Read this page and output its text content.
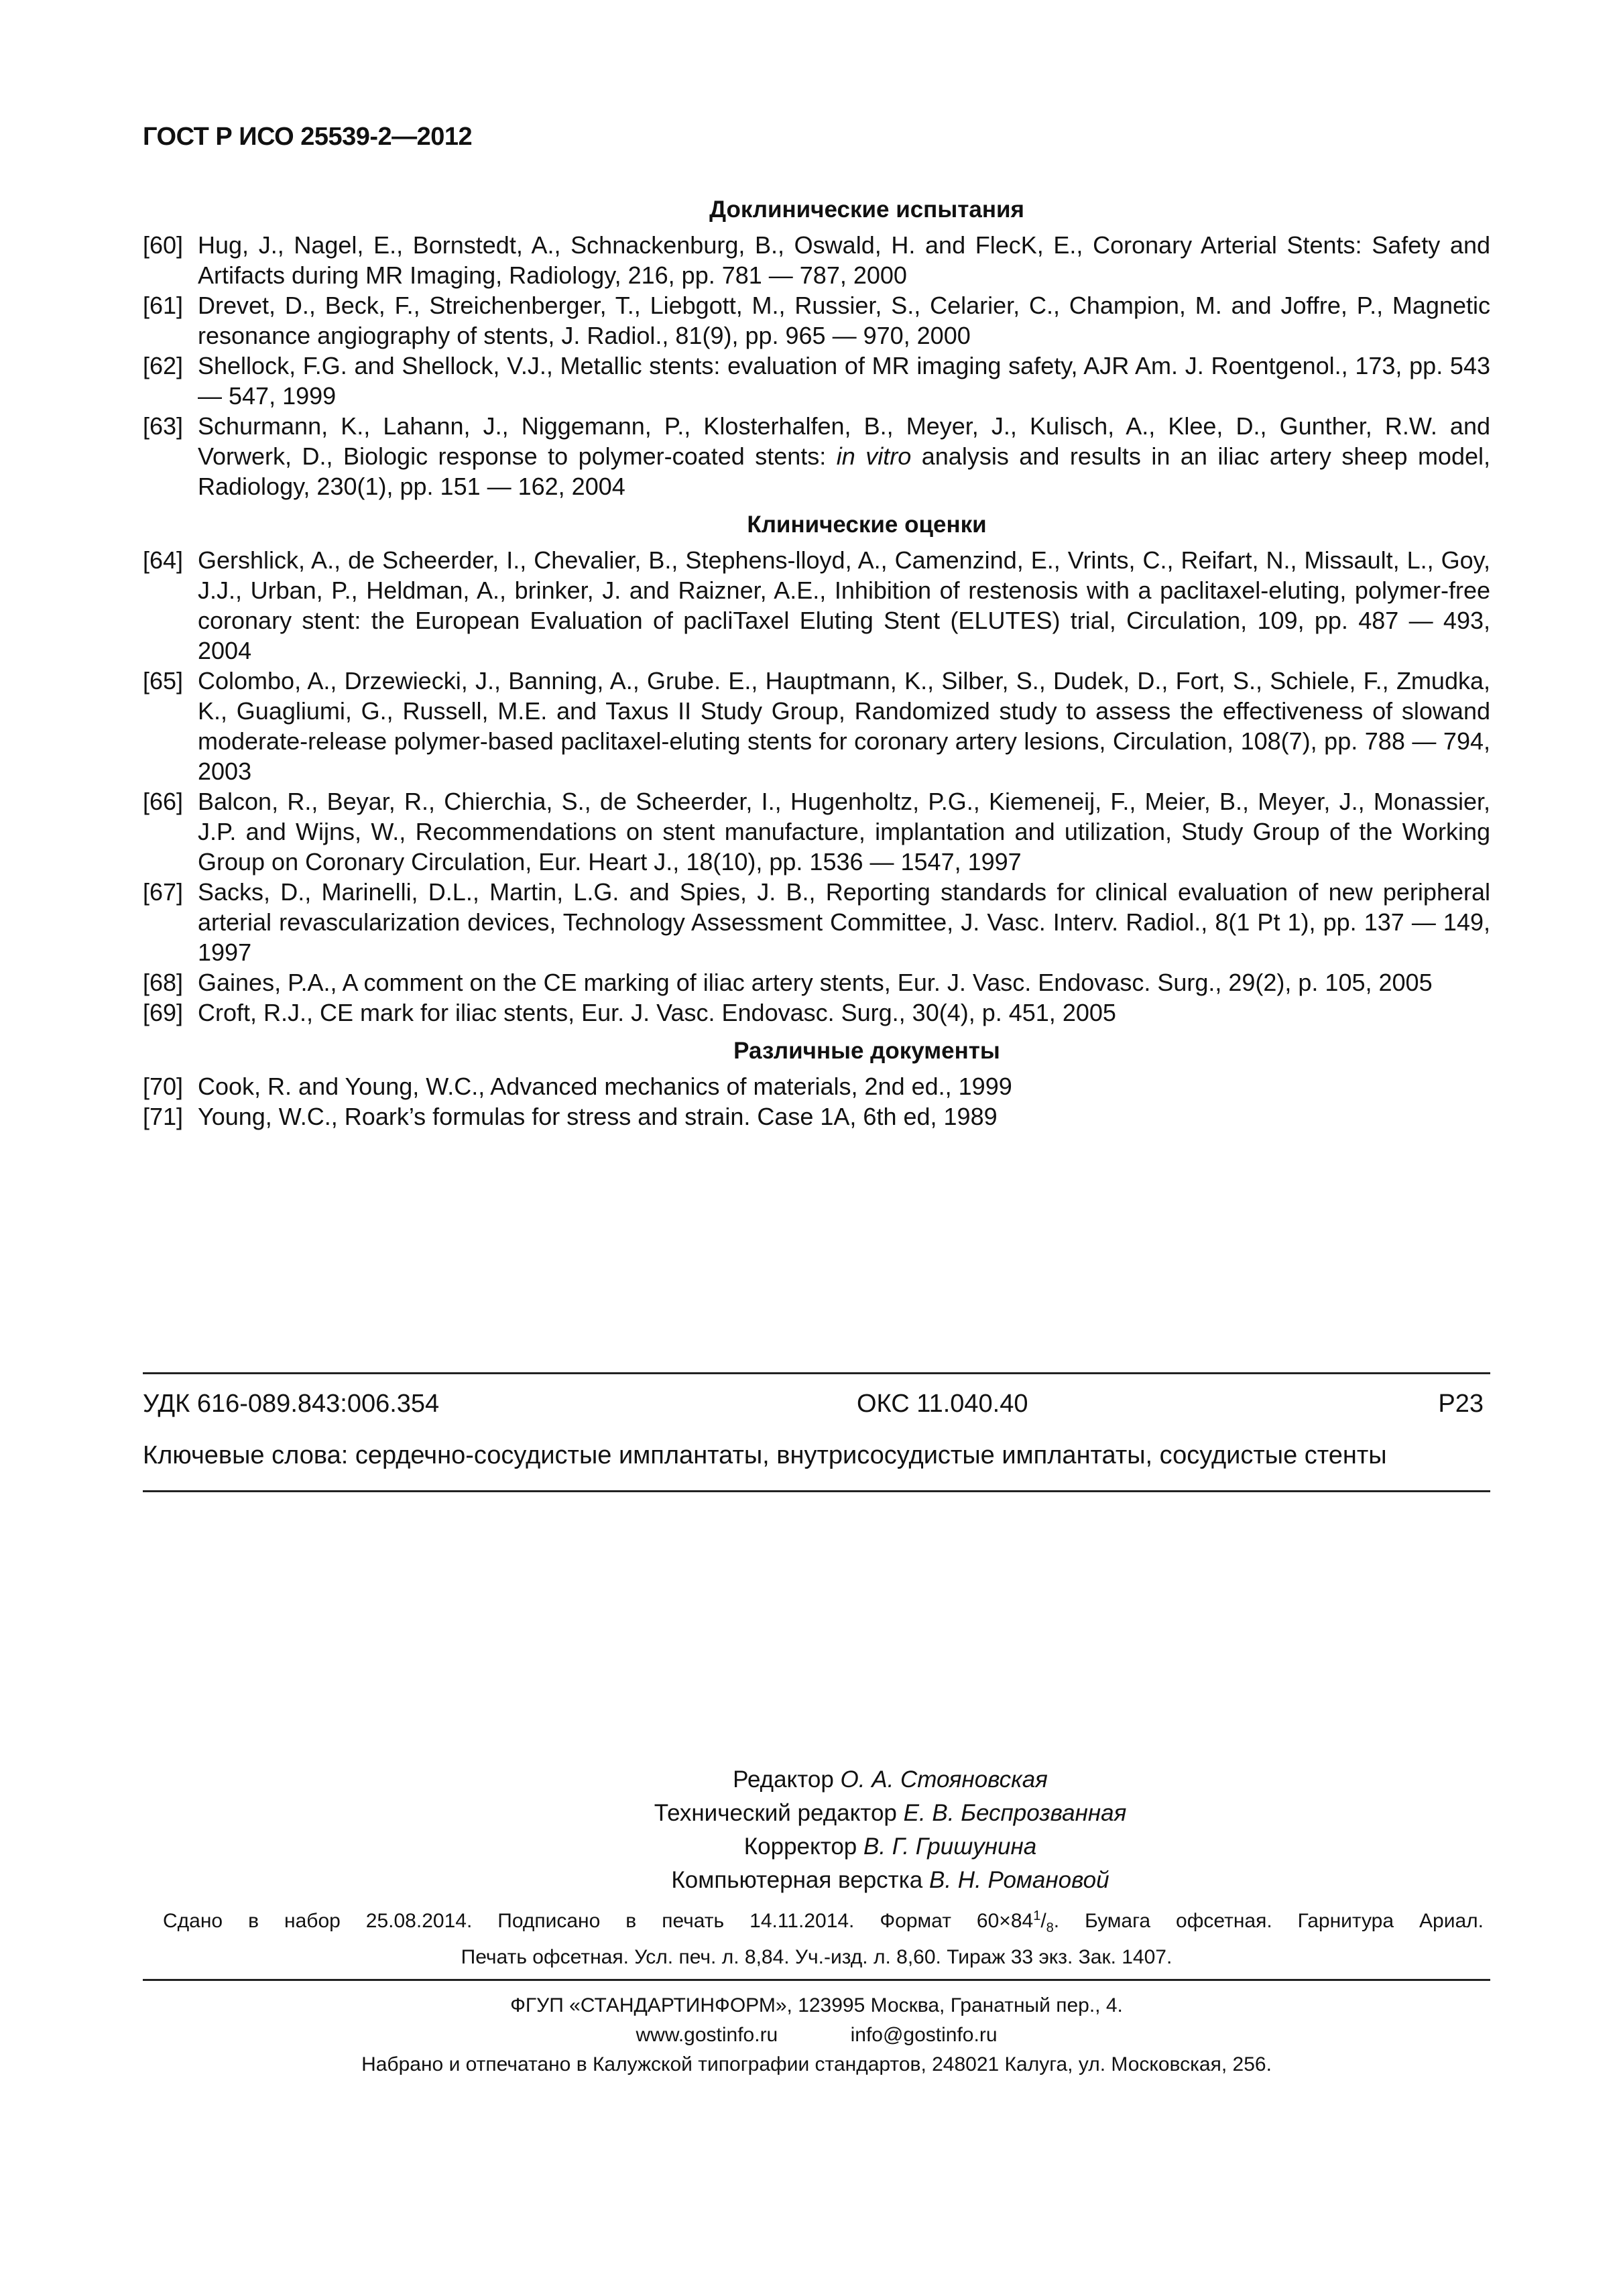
ГОСТ Р ИСО 25539-2—2012
Доклинические испытания
[60] Hug, J., Nagel, E., Bornstedt, A., Schnackenburg, B., Oswald, H. and FlecK, E., Coronary Arterial Stents: Safety and Artifacts during MR Imaging, Radiology, 216, pp. 781 — 787, 2000
[61] Drevet, D., Beck, F., Streichenberger, T., Liebgott, M., Russier, S., Celarier, C., Champion, M. and Joffre, P., Magnetic resonance angiography of stents, J. Radiol., 81(9), pp. 965 — 970, 2000
[62] Shellock, F.G. and Shellock, V.J., Metallic stents: evaluation of MR imaging safety, AJR Am. J. Roentgenol., 173, pp. 543 — 547, 1999
[63] Schurmann, K., Lahann, J., Niggemann, P., Klosterhalfen, B., Meyer, J., Kulisch, A., Klee, D., Gunther, R.W. and Vorwerk, D., Biologic response to polymer-coated stents: in vitro analysis and results in an iliac artery sheep model, Radiology, 230(1), pp. 151 — 162, 2004
Клинические оценки
[64] Gershlick, A., de Scheerder, I., Chevalier, B., Stephens-lloyd, A., Camenzind, E., Vrints, C., Reifart, N., Missault, L., Goy, J.J., Urban, P., Heldman, A., brinker, J. and Raizner, A.E., Inhibition of restenosis with a paclitaxel-eluting, polymer-free coronary stent: the European Evaluation of pacliTaxel Eluting Stent (ELUTES) trial, Circulation, 109, pp. 487 — 493, 2004
[65] Colombo, A., Drzewiecki, J., Banning, A., Grube. E., Hauptmann, K., Silber, S., Dudek, D., Fort, S., Schiele, F., Zmudka, K., Guagliumi, G., Russell, M.E. and Taxus II Study Group, Randomized study to assess the effectiveness of slowand moderate-release polymer-based paclitaxel-eluting stents for coronary artery lesions, Circulation, 108(7), pp. 788 — 794, 2003
[66] Balcon, R., Beyar, R., Chierchia, S., de Scheerder, I., Hugenholtz, P.G., Kiemeneij, F., Meier, B., Meyer, J., Monassier, J.P. and Wijns, W., Recommendations on stent manufacture, implantation and utilization, Study Group of the Working Group on Coronary Circulation, Eur. Heart J., 18(10), pp. 1536 — 1547, 1997
[67] Sacks, D., Marinelli, D.L., Martin, L.G. and Spies, J. B., Reporting standards for clinical evaluation of new peripheral arterial revascularization devices, Technology Assessment Committee, J. Vasc. Interv. Radiol., 8(1 Pt 1), pp. 137 — 149, 1997
[68] Gaines, P.A., A comment on the CE marking of iliac artery stents, Eur. J. Vasc. Endovasc. Surg., 29(2), p. 105, 2005
[69] Croft, R.J., CE mark for iliac stents, Eur. J. Vasc. Endovasc. Surg., 30(4), p. 451, 2005
Различные документы
[70] Cook, R. and Young, W.C., Advanced mechanics of materials, 2nd ed., 1999
[71] Young, W.C., Roark’s formulas for stress and strain. Case 1A, 6th ed, 1989
УДК 616-089.843:006.354	ОКС 11.040.40	Р23
Ключевые слова: сердечно-сосудистые имплантаты, внутрисосудистые имплантаты, сосудистые стенты
Редактор О. А. Стояновская
Технический редактор Е. В. Беспрозванная
Корректор В. Г. Гришунина
Компьютерная верстка В. Н. Романовой
Сдано в набор 25.08.2014. Подписано в печать 14.11.2014. Формат $60\times 84^1/_8$. Бумага офсетная. Гарнитура Ариал.
Печать офсетная. Усл. печ. л. 8,84. Уч.-изд. л. 8,60. Тираж 33 экз. Зак. 1407.
ФГУП «СТАНДАРТИНФОРМ», 123995 Москва, Гранатный пер., 4.
www.gostinfo.ru	info@gostinfo.ru
Набрано и отпечатано в Калужской типографии стандартов, 248021 Калуга, ул. Московская, 256.
